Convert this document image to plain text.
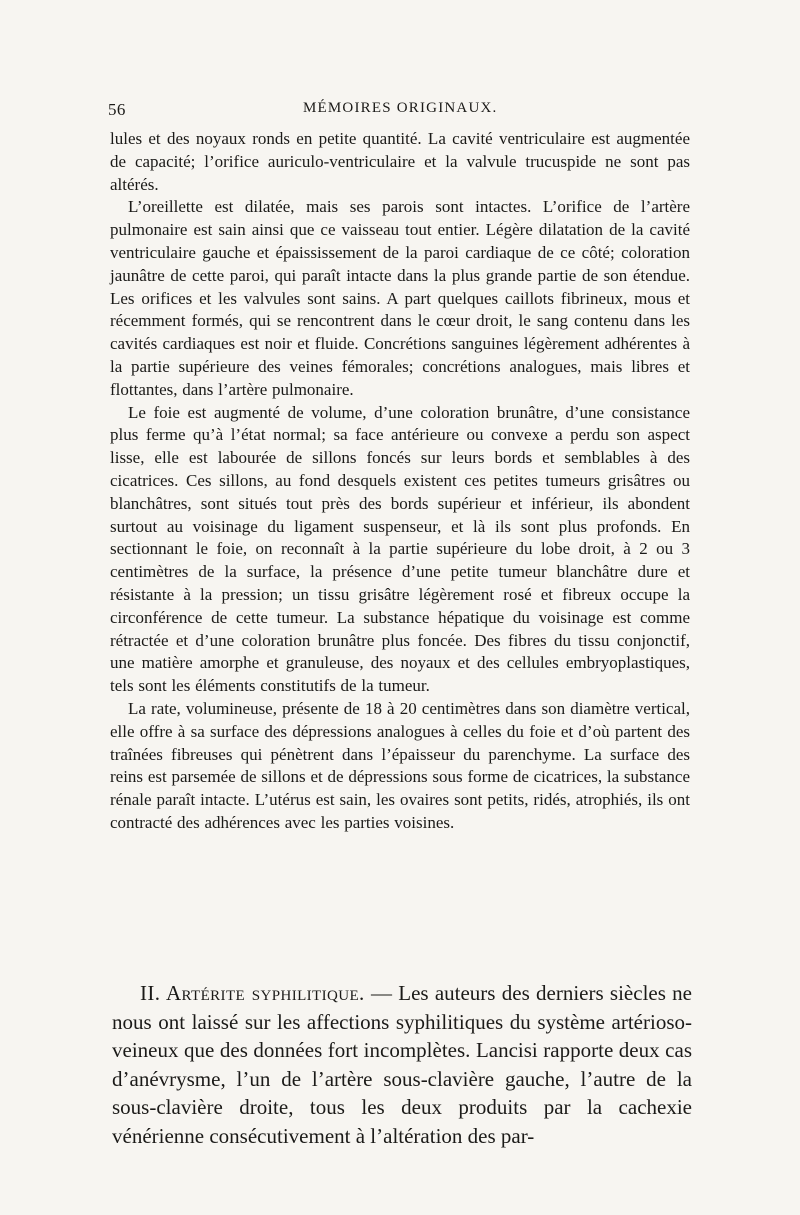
56	MÉMOIRES ORIGINAUX.

lules et des noyaux ronds en petite quantité. La cavité ventriculaire est augmentée de capacité; l’orifice auriculo-ventriculaire et la valvule trucuspide ne sont pas altérés.

L’oreillette est dilatée, mais ses parois sont intactes. L’orifice de l’artère pulmonaire est sain ainsi que ce vaisseau tout entier. Légère dilatation de la cavité ventriculaire gauche et épaississement de la paroi cardiaque de ce côté; coloration jaunâtre de cette paroi, qui paraît intacte dans la plus grande partie de son étendue. Les orifices et les valvules sont sains. A part quelques caillots fibrineux, mous et récemment formés, qui se rencontrent dans le cœur droit, le sang contenu dans les cavités cardiaques est noir et fluide. Concrétions sanguines légèrement adhérentes à la partie supérieure des veines fémorales; concrétions analogues, mais libres et flottantes, dans l’artère pulmonaire.

Le foie est augmenté de volume, d’une coloration brunâtre, d’une consistance plus ferme qu’à l’état normal; sa face antérieure ou convexe a perdu son aspect lisse, elle est labourée de sillons foncés sur leurs bords et semblables à des cicatrices. Ces sillons, au fond desquels existent ces petites tumeurs grisâtres ou blanchâtres, sont situés tout près des bords supérieur et inférieur, ils abondent surtout au voisinage du ligament suspenseur, et là ils sont plus profonds. En sectionnant le foie, on reconnaît à la partie supérieure du lobe droit, à 2 ou 3 centimètres de la surface, la présence d’une petite tumeur blanchâtre dure et résistante à la pression; un tissu grisâtre légèrement rosé et fibreux occupe la circonférence de cette tumeur. La substance hépatique du voisinage est comme rétractée et d’une coloration brunâtre plus foncée. Des fibres du tissu conjonctif, une matière amorphe et granuleuse, des noyaux et des cellules embryoplastiques, tels sont les éléments constitutifs de la tumeur.

La rate, volumineuse, présente de 18 à 20 centimètres dans son diamètre vertical, elle offre à sa surface des dépressions analogues à celles du foie et d’où partent des traînées fibreuses qui pénètrent dans l’épaisseur du parenchyme. La surface des reins est parsemée de sillons et de dépressions sous forme de cicatrices, la substance rénale paraît intacte. L’utérus est sain, les ovaires sont petits, ridés, atrophiés, ils ont contracté des adhérences avec les parties voisines.

II. Artérite syphilitique. — Les auteurs des derniers siècles ne nous ont laissé sur les affections syphilitiques du système artérioso-veineux que des données fort incomplètes. Lancisi rapporte deux cas d’anévrysme, l’un de l’artère sous-clavière gauche, l’autre de la sous-clavière droite, tous les deux produits par la cachexie vénérienne consécutivement à l’altération des par-
